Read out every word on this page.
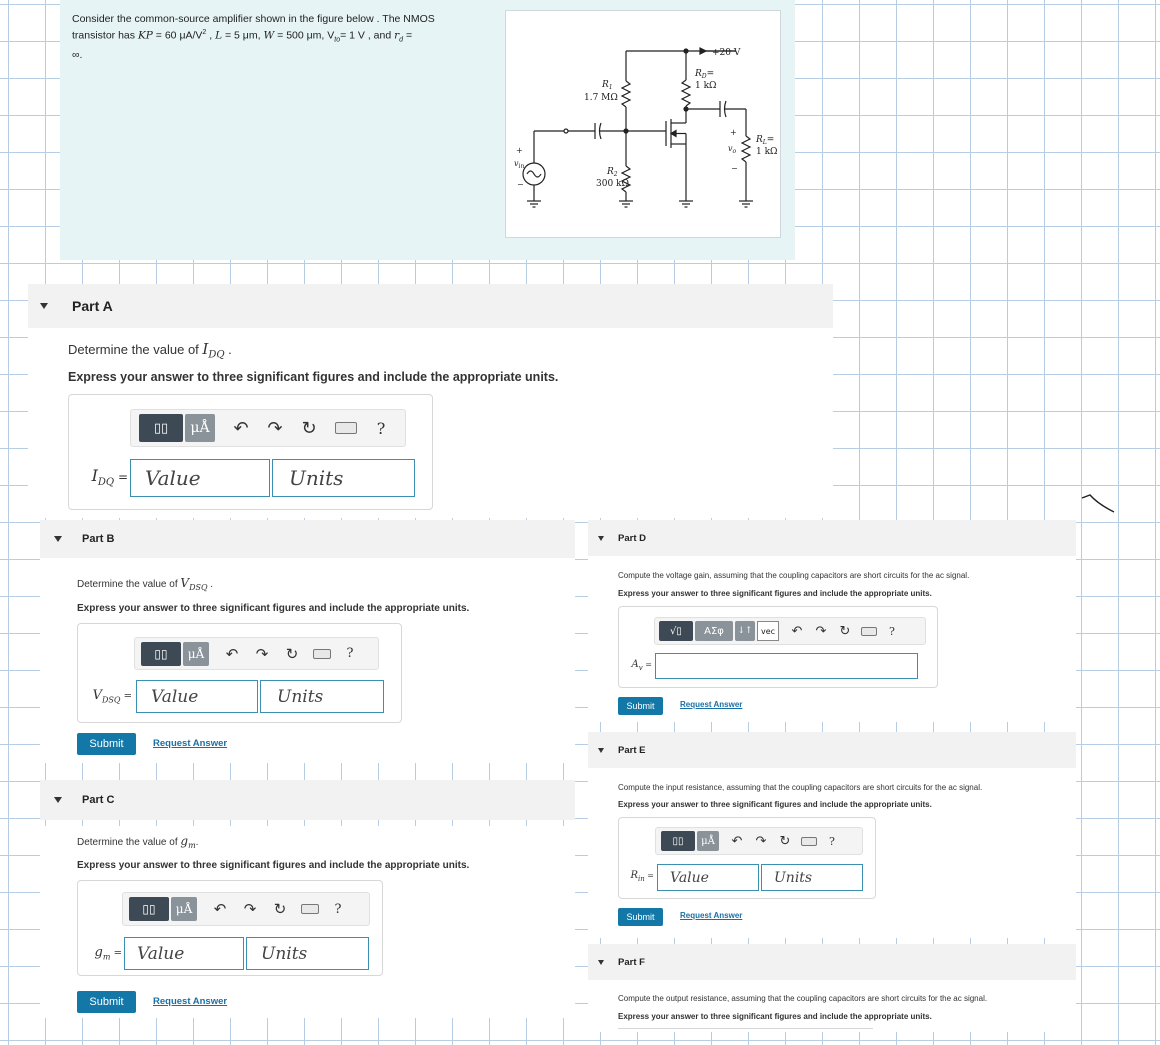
Consider the common-source amplifier shown in the figure below . The NMOS
transistor has KP = 60 $\mu A/V^2$ , L = 5 μm, W = 500 μm, $V_{to}= 1$ V , and $r_d$ =
∞.	+20 V
$R_1$
1.7 MΩ
$R_2$
300 kΩ
$R_D=$
1 kΩ
$R_L=$
1 kΩ
$v_{in}$
+
−
$v_o$
+
−
Part A
Determine the value of $I_{DQ}$ .
Express your answer to three significant figures and include the appropriate units.
▯▯	μÅ ↶ ↷ ↻	?
$I_{DQ}$ = Value	Units
Part B
Determine the value of $V_{DSQ}$ .
Express your answer to three significant figures and include the appropriate units.
▯▯	μÅ	↶ ↷ ↻	?
$V_{DSQ}$ =	Value	Units
Submit	Request Answer
Part C
Determine the value of $g_m$.
Express your answer to three significant figures and include the appropriate units.
▯▯	μÅ	↶ ↷ ↻	?
$g_m$ = Value	Units
Submit	Request Answer
Part D
Compute the voltage gain, assuming that the coupling capacitors are short circuits for the ac signal.
Express your answer to three significant figures and include the appropriate units.
√ ▯	ΑΣφ	↓↑	vec	↶ ↷ ↻	?
$A_v$ =
Submit	Request Answer
Part E
Compute the input resistance, assuming that the coupling capacitors are short circuits for the ac signal.
Express your answer to three significant figures and include the appropriate units.
▯▯	μÅ	↶ ↷ ↻	?
$R_{in}$ =	Value	Units
Submit	Request Answer
Part F
Compute the output resistance, assuming that the coupling capacitors are short circuits for the ac signal.
Express your answer to three significant figures and include the appropriate units.
